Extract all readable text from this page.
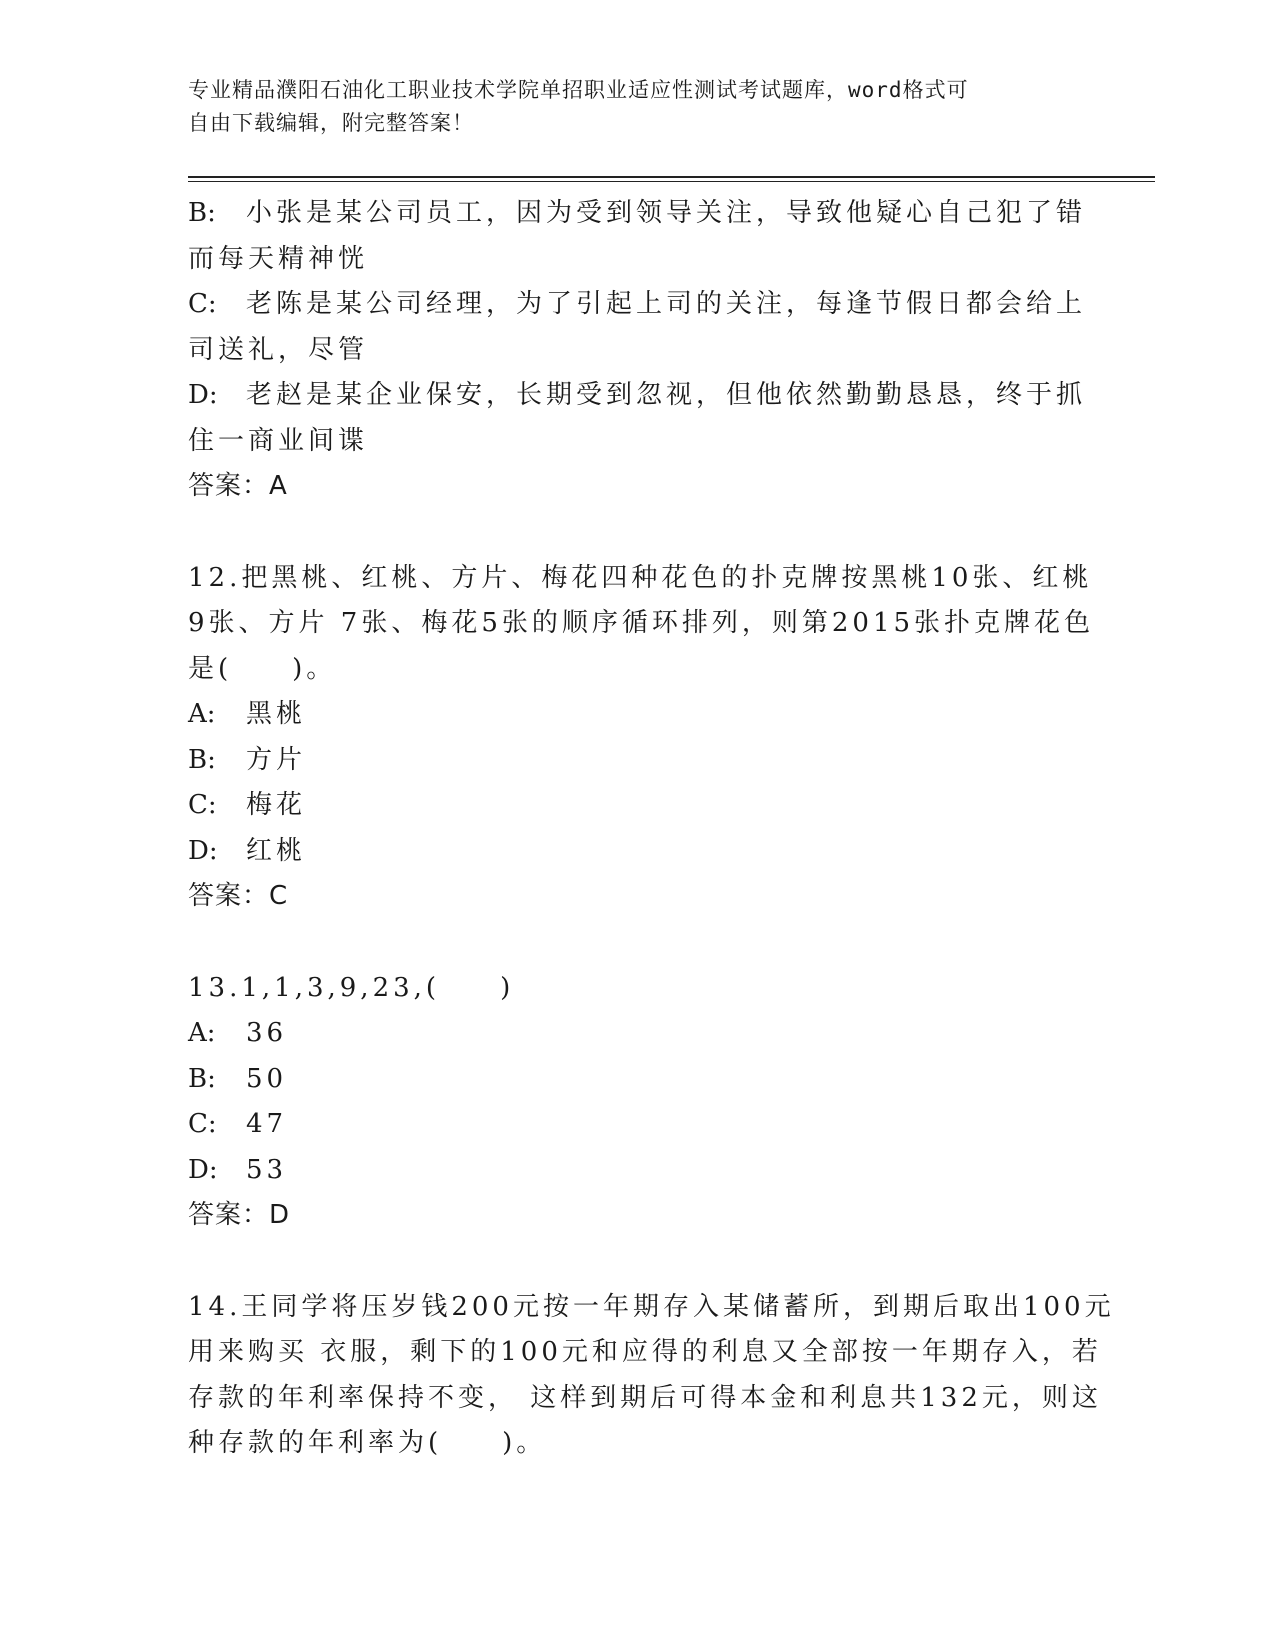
专业精品濮阳石油化工职业技术学院单招职业适应性测试考试题库，word格式可
自由下载编辑，附完整答案！
B: 小张是某公司员工，因为受到领导关注，导致他疑心自己犯了错
而每天精神恍
C: 老陈是某公司经理，为了引起上司的关注，每逢节假日都会给上
司送礼，尽管
D: 老赵是某企业保安，长期受到忽视，但他依然勤勤恳恳，终于抓
住一商业间谍
答案：A
12.把黑桃、红桃、方片、梅花四种花色的扑克牌按黑桃10张、红桃
9张、方片 7张、梅花5张的顺序循环排列，则第2015张扑克牌花色
是(　　)。
A: 黑桃
B: 方片
C: 梅花
D: 红桃
答案：C
13.1,1,3,9,23,(　　)
A: 36
B: 50
C: 47
D: 53
答案：D
14.王同学将压岁钱200元按一年期存入某储蓄所，到期后取出100元
用来购买 衣服，剩下的100元和应得的利息又全部按一年期存入，若
存款的年利率保持不变， 这样到期后可得本金和利息共132元，则这
种存款的年利率为(　　)。
